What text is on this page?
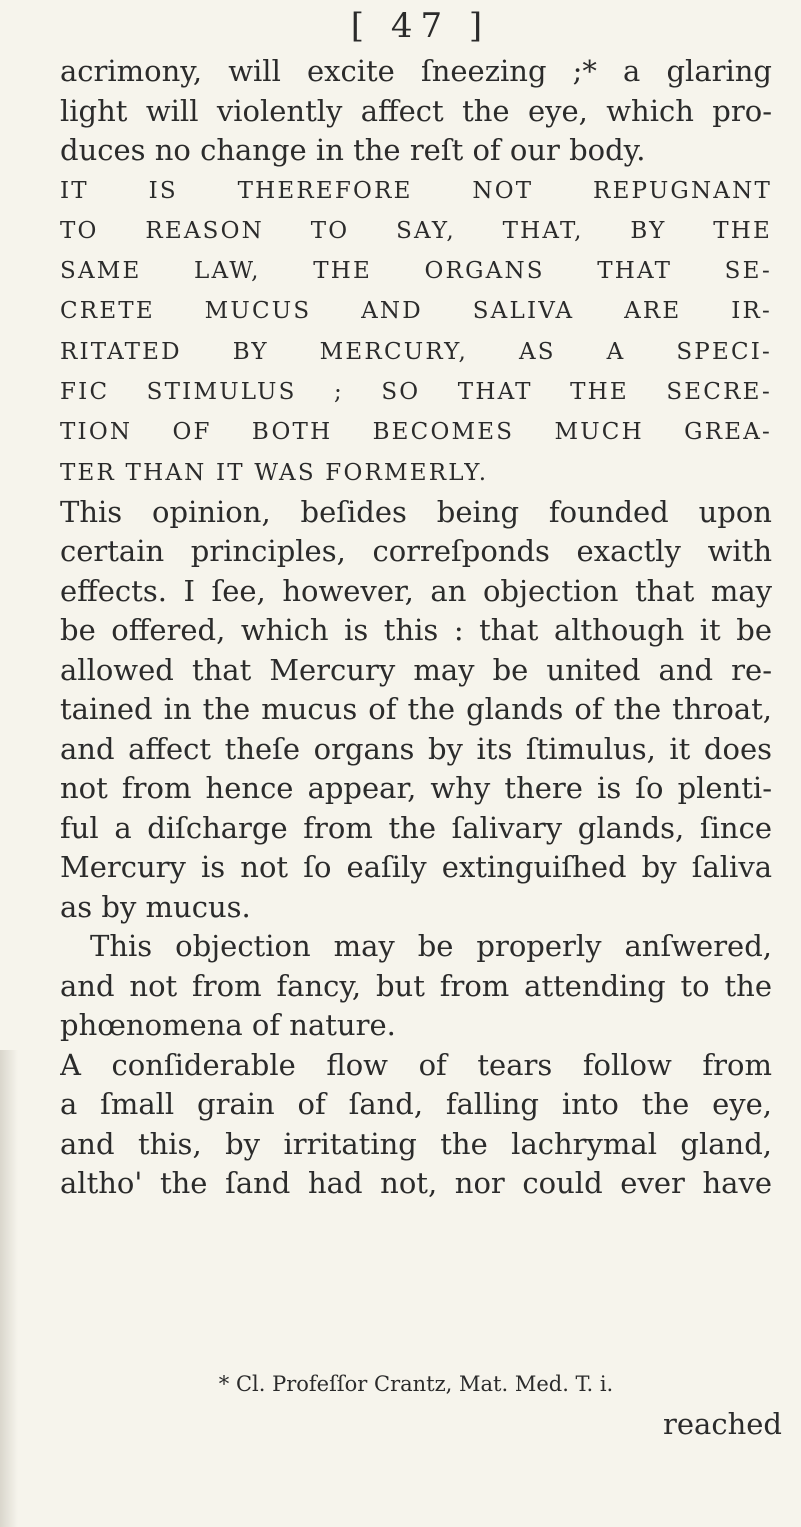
[ 47 ]
acrimony, will excite ſneezing ;* a glaring
light will violently affect the eye, which pro-
duces no change in the reſt of our body.
IT IS THEREFORE NOT REPUGNANT
TO REASON TO SAY, THAT, BY THE
SAME LAW, THE ORGANS THAT SE-
CRETE MUCUS AND SALIVA ARE IR-
RITATED BY MERCURY, AS A SPECI-
FIC STIMULUS ; SO THAT THE SECRE-
TION OF BOTH BECOMES MUCH GREA-
TER THAN IT WAS FORMERLY.
This opinion, beſides being founded upon
certain principles, correſponds exactly with
effects. I ſee, however, an objection that may
be offered, which is this : that although it be
allowed that Mercury may be united and re-
tained in the mucus of the glands of the throat,
and affect theſe organs by its ſtimulus, it does
not from hence appear, why there is ſo plenti-
ful a diſcharge from the ſalivary glands, ſince
Mercury is not ſo eaſily extinguiſhed by ſaliva
as by mucus.
This objection may be properly anſwered,
and not from fancy, but from attending to the
phœnomena of nature.
A conſiderable flow of tears follow from
a ſmall grain of ſand, falling into the eye,
and this, by irritating the lachrymal gland,
altho' the ſand had not, nor could ever have
* Cl. Profeſſor Crantz, Mat. Med. T. i.
reached
